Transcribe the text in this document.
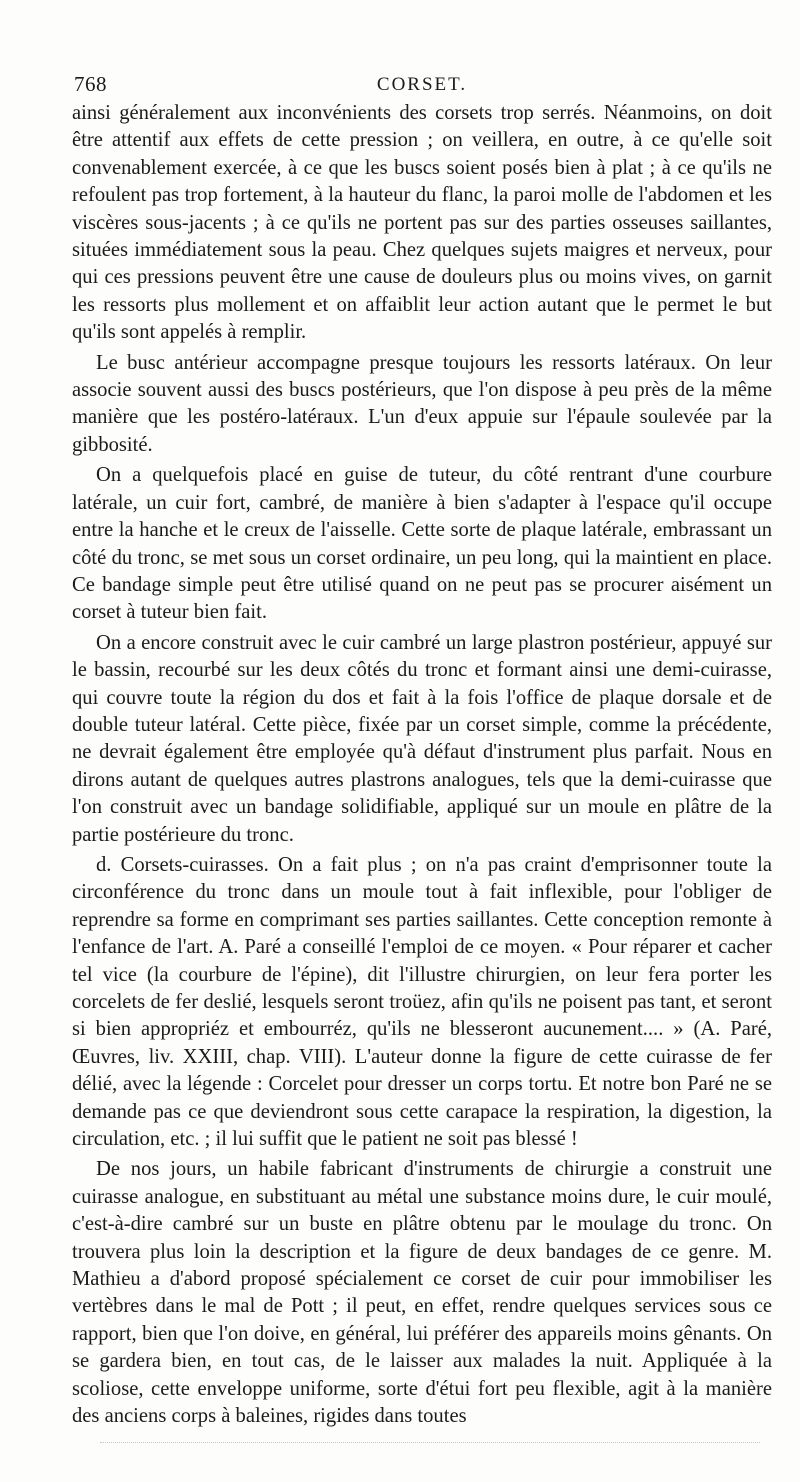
768	CORSET.

ainsi généralement aux inconvénients des corsets trop serrés. Néanmoins, on doit être attentif aux effets de cette pression ; on veillera, en outre, à ce qu'elle soit convenablement exercée, à ce que les buscs soient posés bien à plat ; à ce qu'ils ne refoulent pas trop fortement, à la hauteur du flanc, la paroi molle de l'abdomen et les viscères sous-jacents ; à ce qu'ils ne portent pas sur des parties osseuses saillantes, situées immédiatement sous la peau. Chez quelques sujets maigres et nerveux, pour qui ces pressions peuvent être une cause de douleurs plus ou moins vives, on garnit les ressorts plus mollement et on affaiblit leur action autant que le permet le but qu'ils sont appelés à remplir.

Le busc antérieur accompagne presque toujours les ressorts latéraux. On leur associe souvent aussi des buscs postérieurs, que l'on dispose à peu près de la même manière que les postéro-latéraux. L'un d'eux appuie sur l'épaule soulevée par la gibbosité.

On a quelquefois placé en guise de tuteur, du côté rentrant d'une courbure latérale, un cuir fort, cambré, de manière à bien s'adapter à l'espace qu'il occupe entre la hanche et le creux de l'aisselle. Cette sorte de plaque latérale, embrassant un côté du tronc, se met sous un corset ordinaire, un peu long, qui la maintient en place. Ce bandage simple peut être utilisé quand on ne peut pas se procurer aisément un corset à tuteur bien fait.

On a encore construit avec le cuir cambré un large plastron postérieur, appuyé sur le bassin, recourbé sur les deux côtés du tronc et formant ainsi une demi-cuirasse, qui couvre toute la région du dos et fait à la fois l'office de plaque dorsale et de double tuteur latéral. Cette pièce, fixée par un corset simple, comme la précédente, ne devrait également être employée qu'à défaut d'instrument plus parfait. Nous en dirons autant de quelques autres plastrons analogues, tels que la demi-cuirasse que l'on construit avec un bandage solidifiable, appliqué sur un moule en plâtre de la partie postérieure du tronc.

d. Corsets-cuirasses. On a fait plus ; on n'a pas craint d'emprisonner toute la circonférence du tronc dans un moule tout à fait inflexible, pour l'obliger de reprendre sa forme en comprimant ses parties saillantes. Cette conception remonte à l'enfance de l'art. A. Paré a conseillé l'emploi de ce moyen. « Pour réparer et cacher tel vice (la courbure de l'épine), dit l'illustre chirurgien, on leur fera porter les corcelets de fer deslié, lesquels seront troüez, afin qu'ils ne poisent pas tant, et seront si bien appropriéz et embourréz, qu'ils ne blesseront aucunement.... » (A. Paré, Œuvres, liv. XXIII, chap. VIII). L'auteur donne la figure de cette cuirasse de fer délié, avec la légende : Corcelet pour dresser un corps tortu. Et notre bon Paré ne se demande pas ce que deviendront sous cette carapace la respiration, la digestion, la circulation, etc. ; il lui suffit que le patient ne soit pas blessé !

De nos jours, un habile fabricant d'instruments de chirurgie a construit une cuirasse analogue, en substituant au métal une substance moins dure, le cuir moulé, c'est-à-dire cambré sur un buste en plâtre obtenu par le moulage du tronc. On trouvera plus loin la description et la figure de deux bandages de ce genre. M. Mathieu a d'abord proposé spécialement ce corset de cuir pour immobiliser les vertèbres dans le mal de Pott ; il peut, en effet, rendre quelques services sous ce rapport, bien que l'on doive, en général, lui préférer des appareils moins gênants. On se gardera bien, en tout cas, de le laisser aux malades la nuit. Appliquée à la scoliose, cette enveloppe uniforme, sorte d'étui fort peu flexible, agit à la manière des anciens corps à baleines, rigides dans toutes
